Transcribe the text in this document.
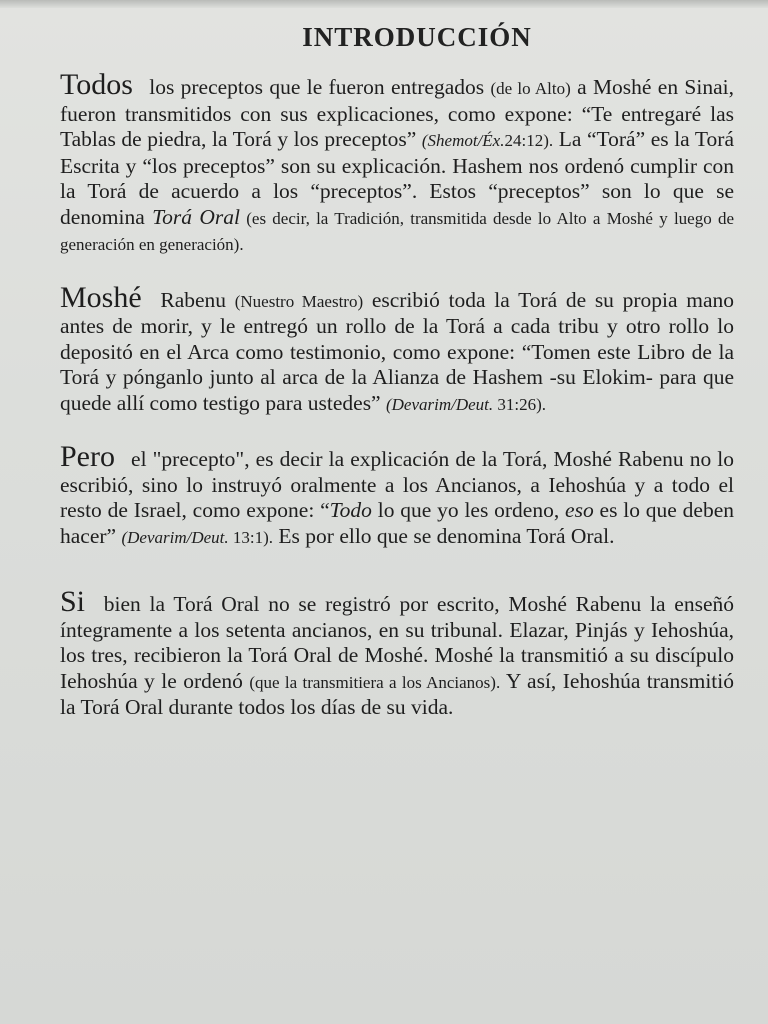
INTRODUCCIÓN

Todos los preceptos que le fueron entregados (de lo Alto) a Moshé en Sinai, fueron transmitidos con sus explicaciones, como expone: “Te entregaré las Tablas de piedra, la Torá y los preceptos” (Shemot/Éx.24:12). La “Torá” es la Torá Escrita y “los preceptos” son su explicación. Hashem nos ordenó cumplir con la Torá de acuerdo a los “preceptos”. Estos “preceptos” son lo que se denomina Torá Oral (es decir, la Tradición, transmitida desde lo Alto a Moshé y luego de generación en generación).

Moshé Rabenu (Nuestro Maestro) escribió toda la Torá de su propia mano antes de morir, y le entregó un rollo de la Torá a cada tribu y otro rollo lo depositó en el Arca como testimonio, como expone: “Tomen este Libro de la Torá y pónganlo junto al arca de la Alianza de Hashem -su Elokim- para que quede allí como testigo para ustedes” (Devarim/Deut. 31:26).

Pero el "precepto", es decir la explicación de la Torá, Moshé Rabenu no lo escribió, sino lo instruyó oralmente a los Ancianos, a Iehoshúa y a todo el resto de Israel, como expone: “Todo lo que yo les ordeno, eso es lo que deben hacer” (Devarim/Deut. 13:1). Es por ello que se denomina Torá Oral.

Si bien la Torá Oral no se registró por escrito, Moshé Rabenu la enseñó íntegramente a los setenta ancianos, en su tribunal. Elazar, Pinjás y Iehoshúa, los tres, recibieron la Torá Oral de Moshé. Moshé la transmitió a su discípulo Iehoshúa y le ordenó (que la transmitiera a los Ancianos). Y así, Iehoshúa transmitió la Torá Oral durante todos los días de su vida.
